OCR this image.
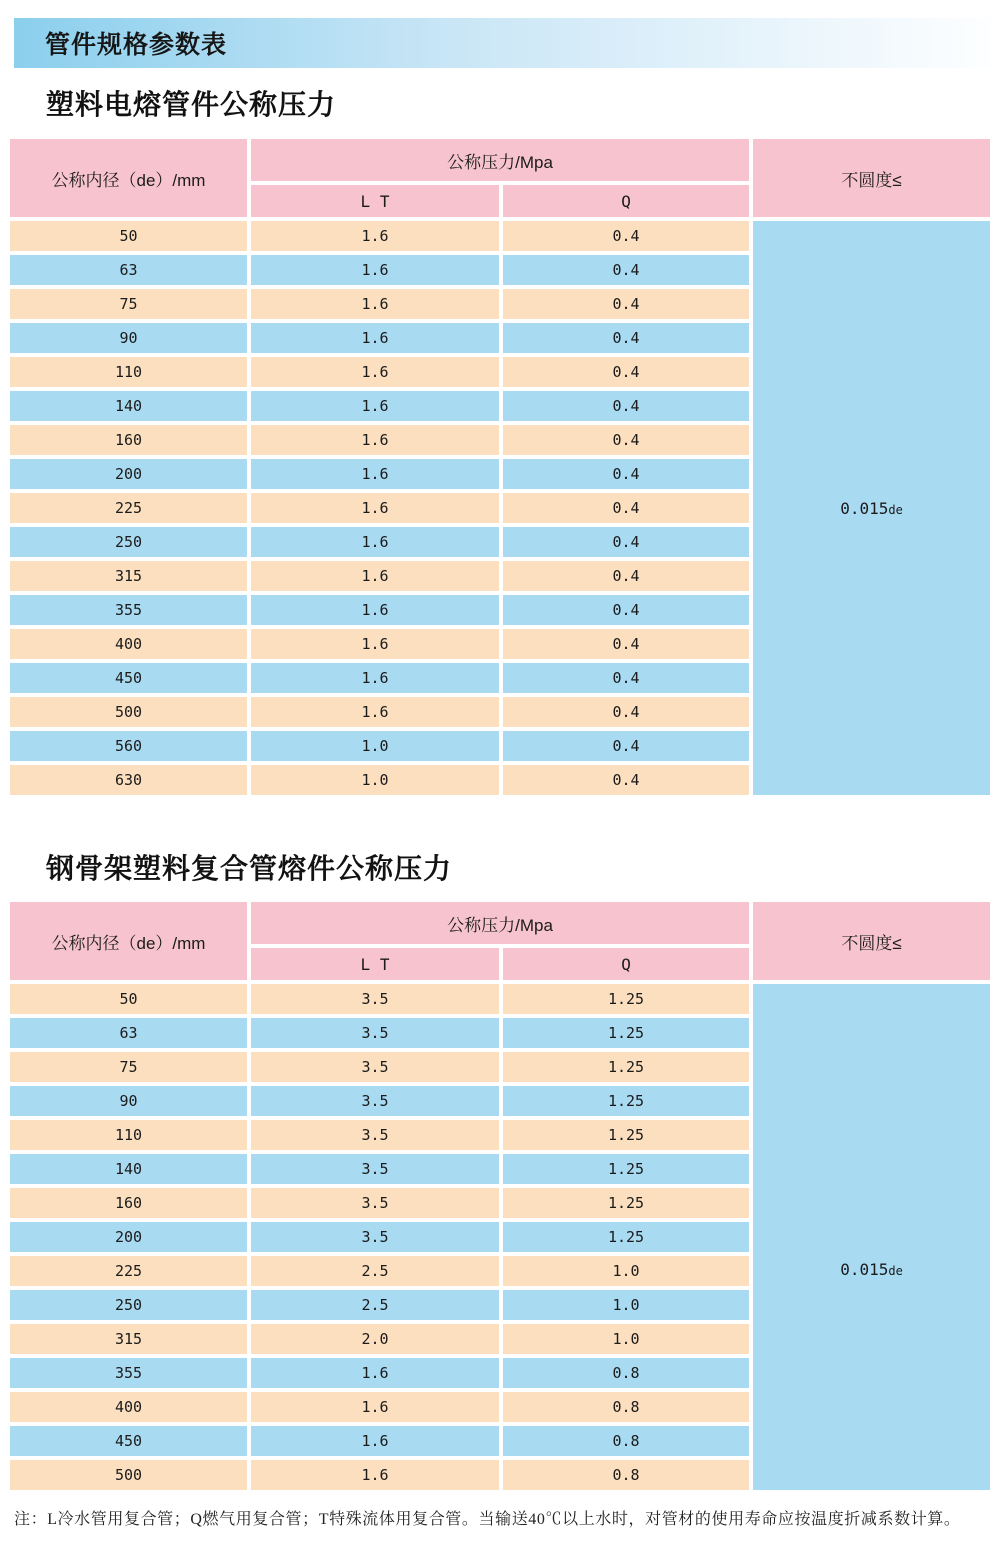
管件规格参数表
塑料电熔管件公称压力
公称内径（de）/mm	公称压力/Mpa		不圆度≤
	L T	Q	
50	1.6	0.4	0.015de
63	1.6	0.4	
75	1.6	0.4	
90	1.6	0.4	
110	1.6	0.4	
140	1.6	0.4	
160	1.6	0.4	
200	1.6	0.4	
225	1.6	0.4	
250	1.6	0.4	
315	1.6	0.4	
355	1.6	0.4	
400	1.6	0.4	
450	1.6	0.4	
500	1.6	0.4	
560	1.0	0.4	
630	1.0	0.4	
钢骨架塑料复合管熔件公称压力
公称内径（de）/mm	公称压力/Mpa		不圆度≤
	L T	Q	
50	3.5	1.25	0.015de
63	3.5	1.25	
75	3.5	1.25	
90	3.5	1.25	
110	3.5	1.25	
140	3.5	1.25	
160	3.5	1.25	
200	3.5	1.25	
225	2.5	1.0	
250	2.5	1.0	
315	2.0	1.0	
355	1.6	0.8	
400	1.6	0.8	
450	1.6	0.8	
500	1.6	0.8	

注：L冷水管用复合管；Q燃气用复合管；T特殊流体用复合管。当输送40℃以上水时，对管材的使用寿命应按温度折减系数计算。
